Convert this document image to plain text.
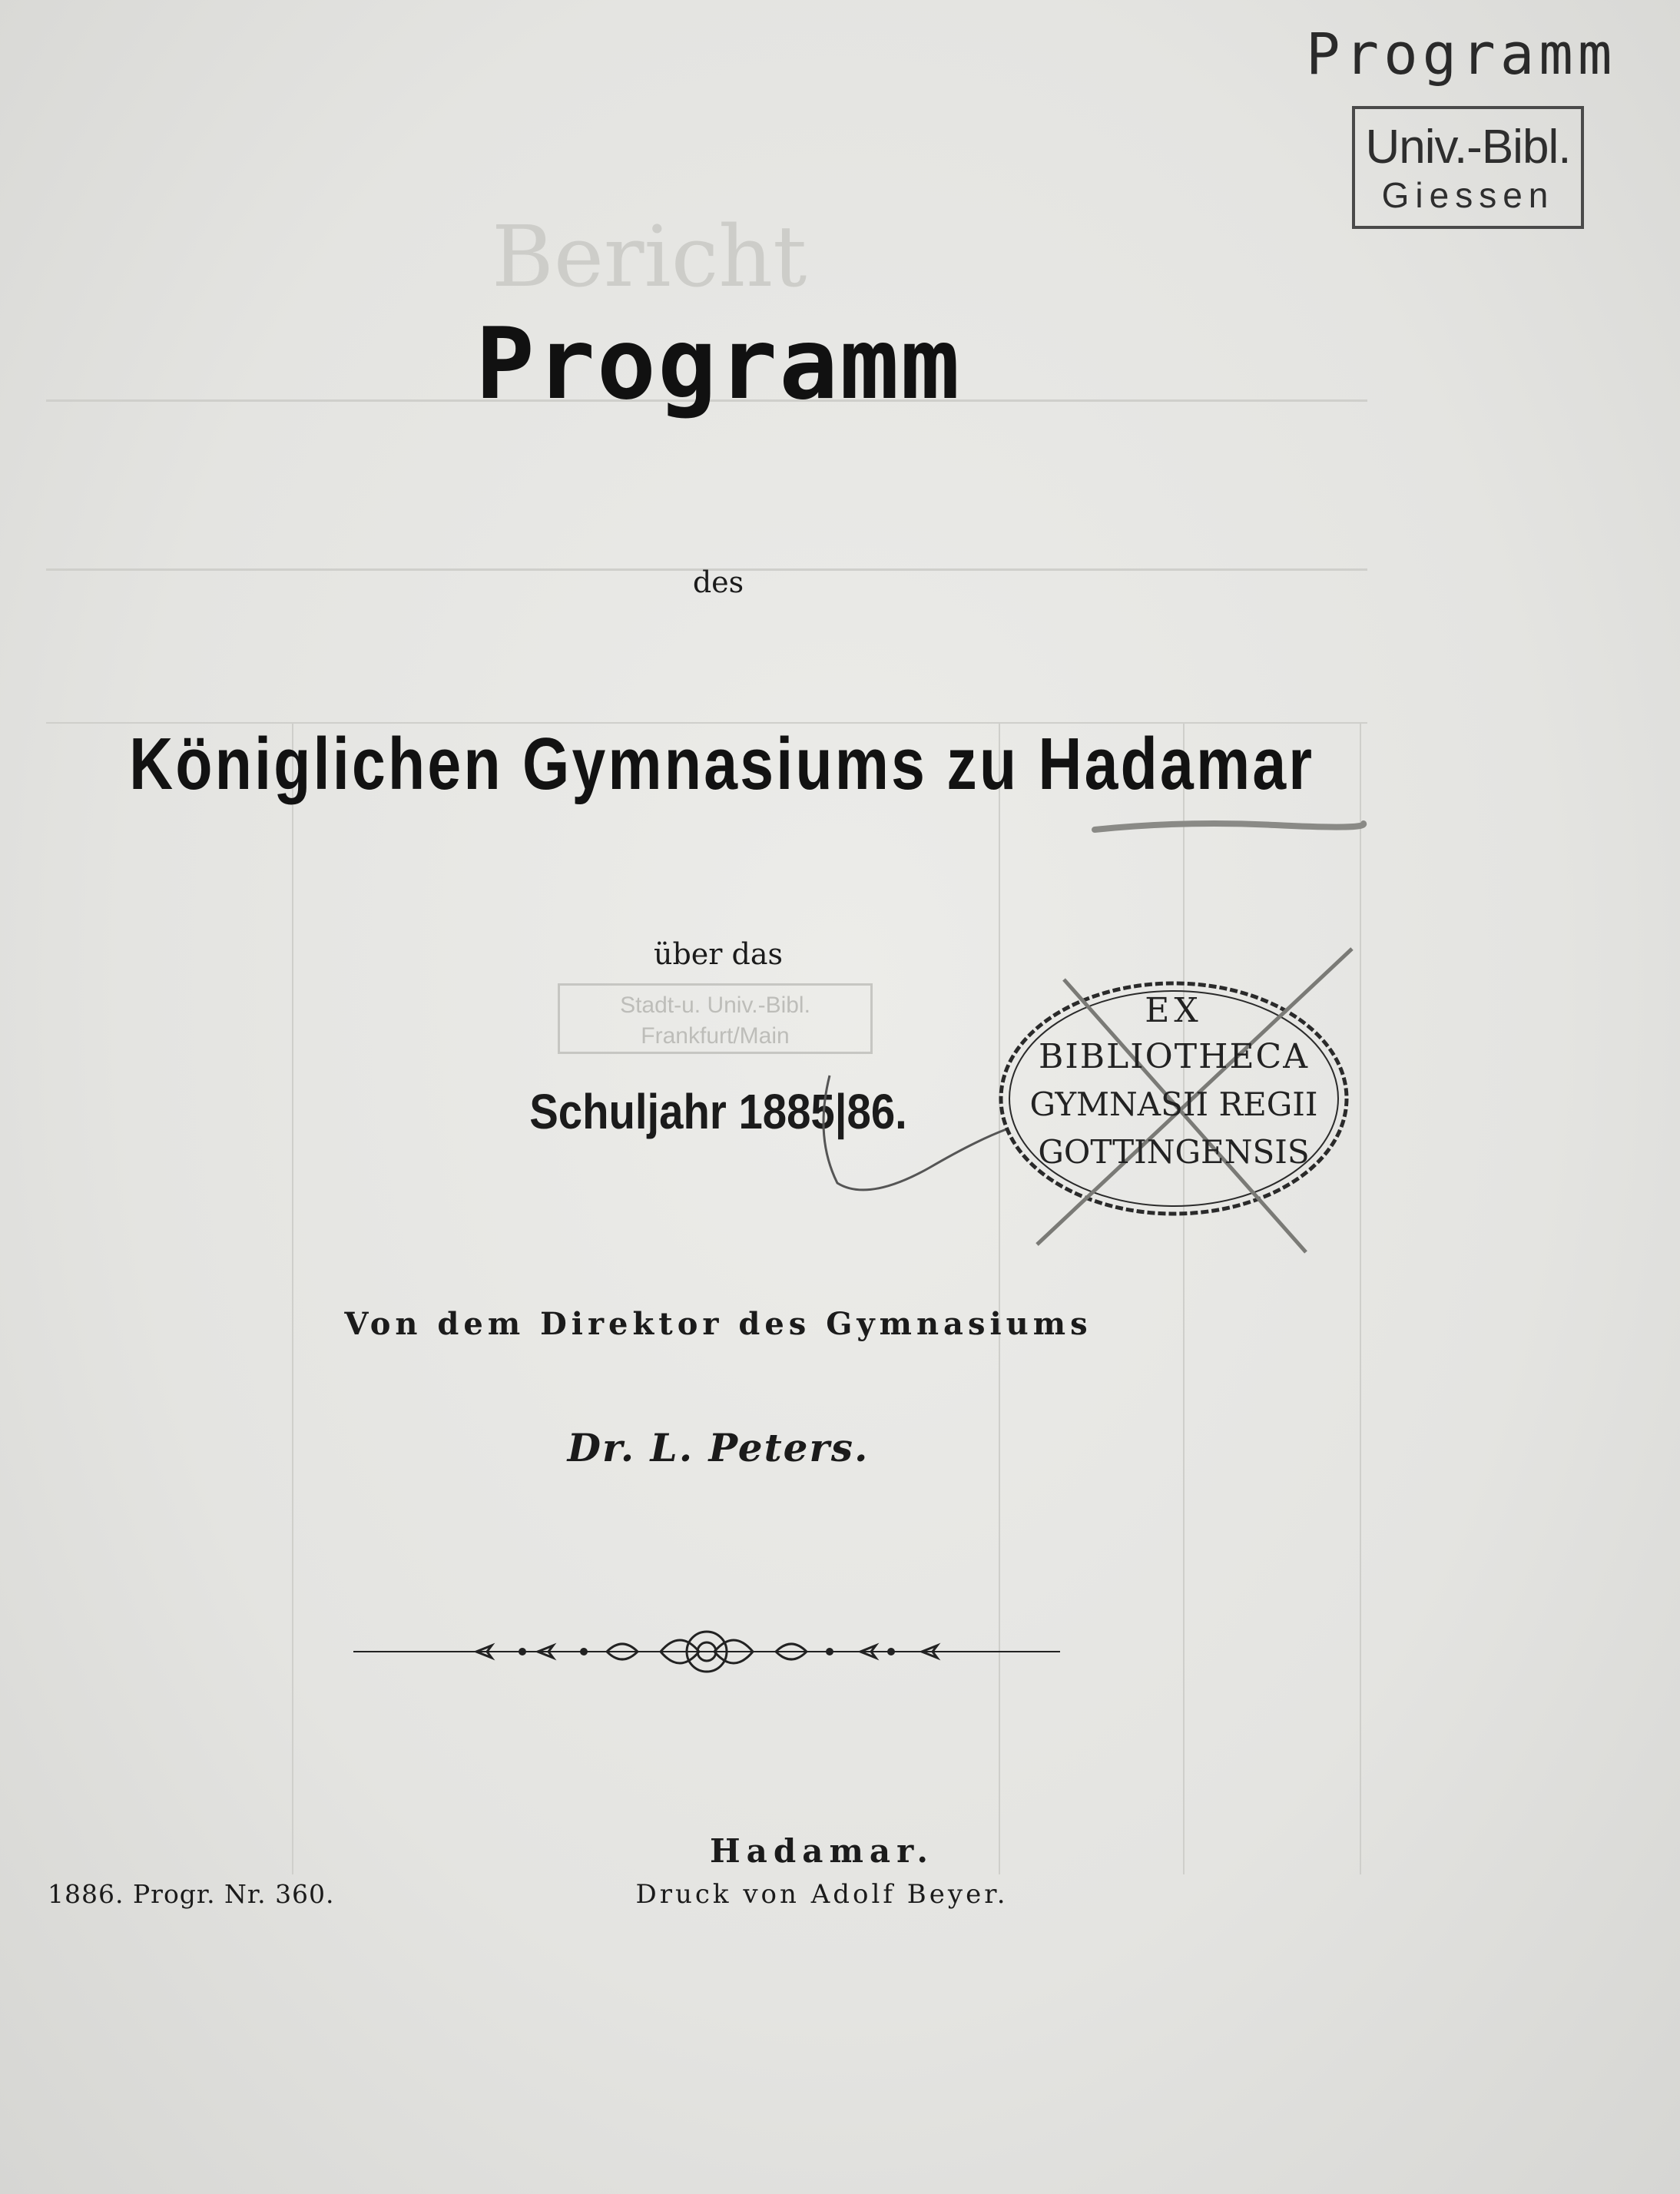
Bericht
Programm
Univ.-Bibl.
Giessen
Programm
des
Königlichen Gymnasiums zu Hadamar
über das
Stadt-u. Univ.-Bibl.
Frankfurt/Main
Schuljahr 1885|86.
EX
BIBLIOTHECA
GYMNASII REGII
GOTTINGENSIS
Von dem Direktor des Gymnasiums
Dr. L. Peters.
Hadamar.
Druck von Adolf Beyer.
1886. Progr. Nr. 360.
